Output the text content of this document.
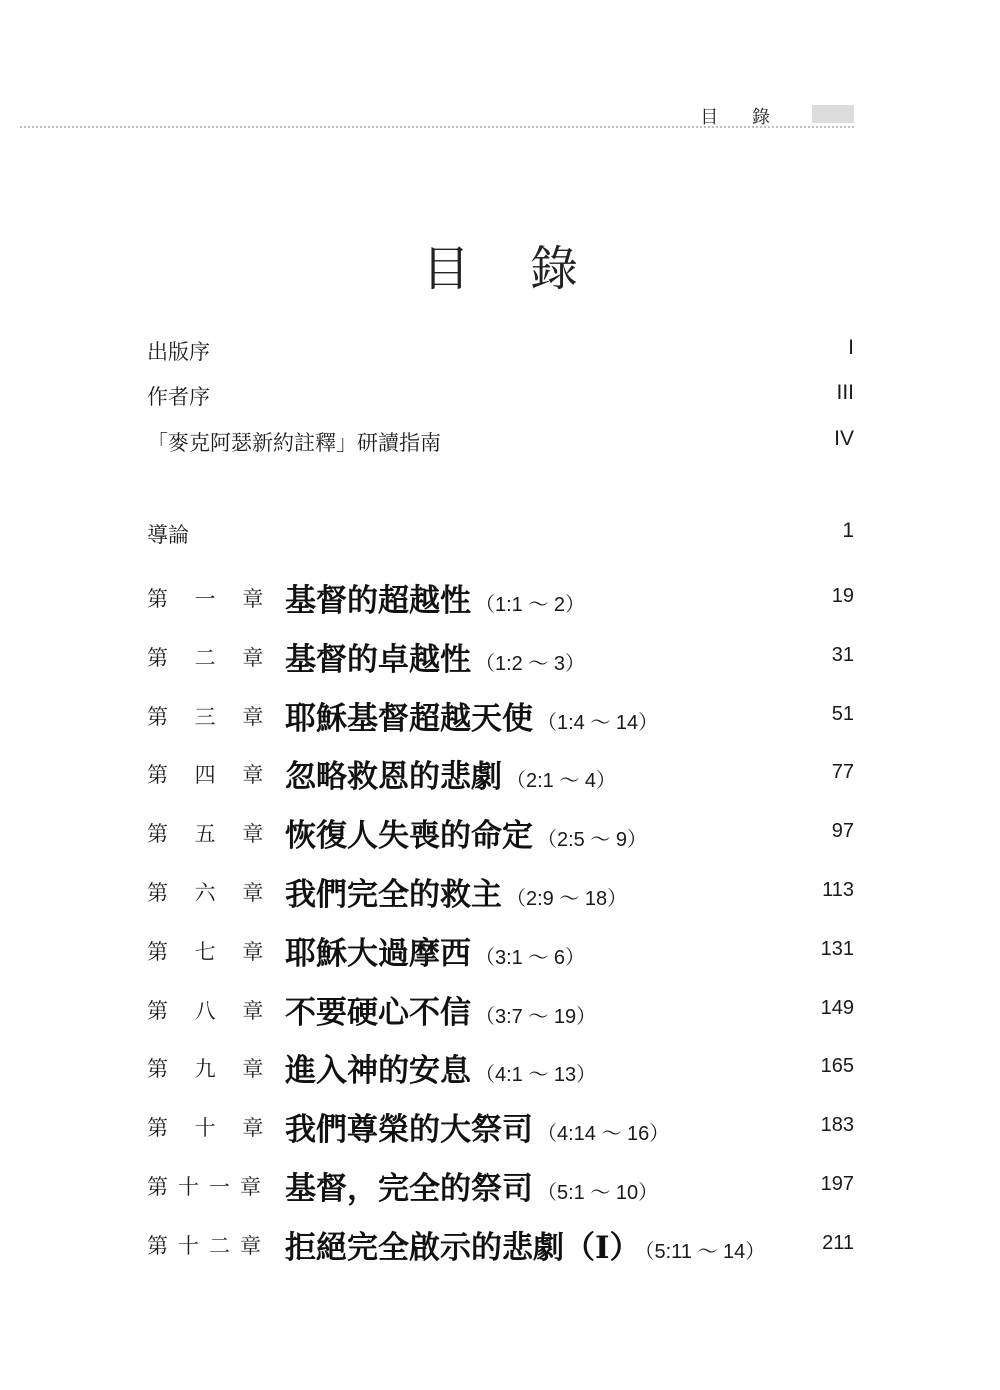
目 錄
目錄
出版序	I
作者序	III
「麥克阿瑟新約註釋」研讀指南	IV
導論	1
第 一 章 基督的超越性 （1:1 ～ 2）	19
第 二 章 基督的卓越性 （1:2 ～ 3）	31
第 三 章 耶穌基督超越天使 （1:4 ～ 14）	51
第 四 章 忽略救恩的悲劇 （2:1 ～ 4）	77
第 五 章 恢復人失喪的命定 （2:5 ～ 9）	97
第 六 章 我們完全的救主 （2:9 ～ 18）	113
第 七 章 耶穌大過摩西 （3:1 ～ 6）	131
第 八 章 不要硬心不信 （3:7 ～ 19）	149
第 九 章 進入神的安息 （4:1 ～ 13）	165
第 十 章 我們尊榮的大祭司 （4:14 ～ 16）	183
第十一章 基督，完全的祭司 （5:1 ～ 10）	197
第十二章 拒絕完全啟示的悲劇（Ⅰ） （5:11 ～ 14）	211
